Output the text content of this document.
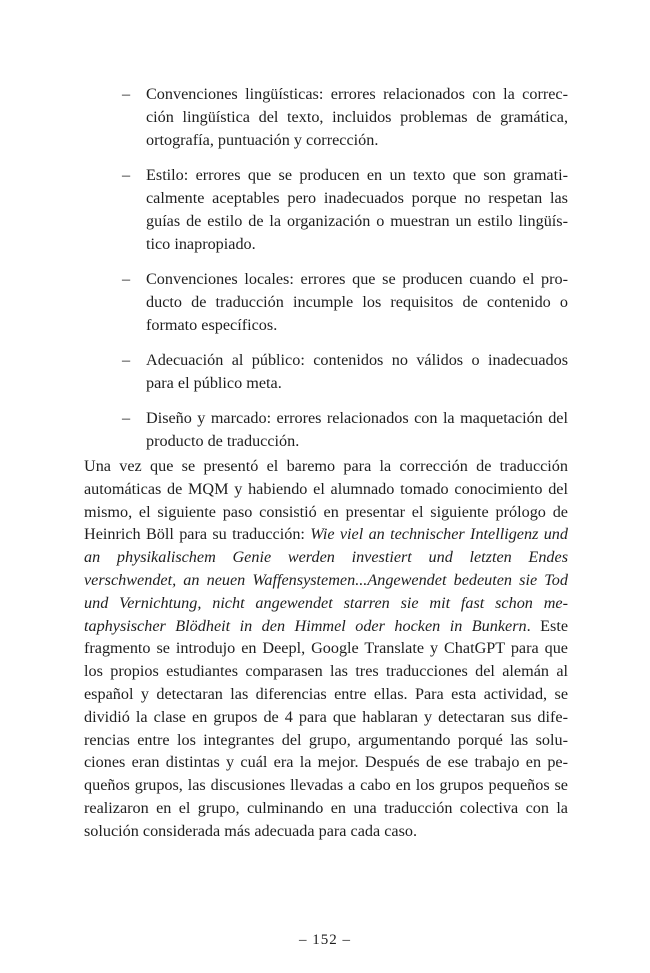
– Convenciones lingüísticas: errores relacionados con la correc-ción lingüística del texto, incluidos problemas de gramática, ortografía, puntuación y corrección.
– Estilo: errores que se producen en un texto que son gramati-calmente aceptables pero inadecuados porque no respetan las guías de estilo de la organización o muestran un estilo lingüís-tico inapropiado.
– Convenciones locales: errores que se producen cuando el pro-ducto de traducción incumple los requisitos de contenido o formato específicos.
– Adecuación al público: contenidos no válidos o inadecuados para el público meta.
– Diseño y marcado: errores relacionados con la maquetación del producto de traducción.

Una vez que se presentó el baremo para la corrección de traducción automáticas de MQM y habiendo el alumnado tomado conocimiento del mismo, el siguiente paso consistió en presentar el siguiente prólogo de Heinrich Böll para su traducción: Wie viel an technischer Intelligenz und an physikalischem Genie werden investiert und letzten Endes verschwendet, an neuen Waffensystemen...Angewendet bedeuten sie Tod und Vernichtung, nicht angewendet starren sie mit fast schon me-taphysischer Blödheit in den Himmel oder hocken in Bunkern. Este fragmento se introdujo en Deepl, Google Translate y ChatGPT para que los propios estudiantes comparasen las tres traducciones del alemán al español y detectaran las diferencias entre ellas. Para esta actividad, se dividió la clase en grupos de 4 para que hablaran y detectaran sus dife-rencias entre los integrantes del grupo, argumentando porqué las solu-ciones eran distintas y cuál era la mejor. Después de ese trabajo en pe-queños grupos, las discusiones llevadas a cabo en los grupos pequeños se realizaron en el grupo, culminando en una traducción colectiva con la solución considerada más adecuada para cada caso.

– 152 –
